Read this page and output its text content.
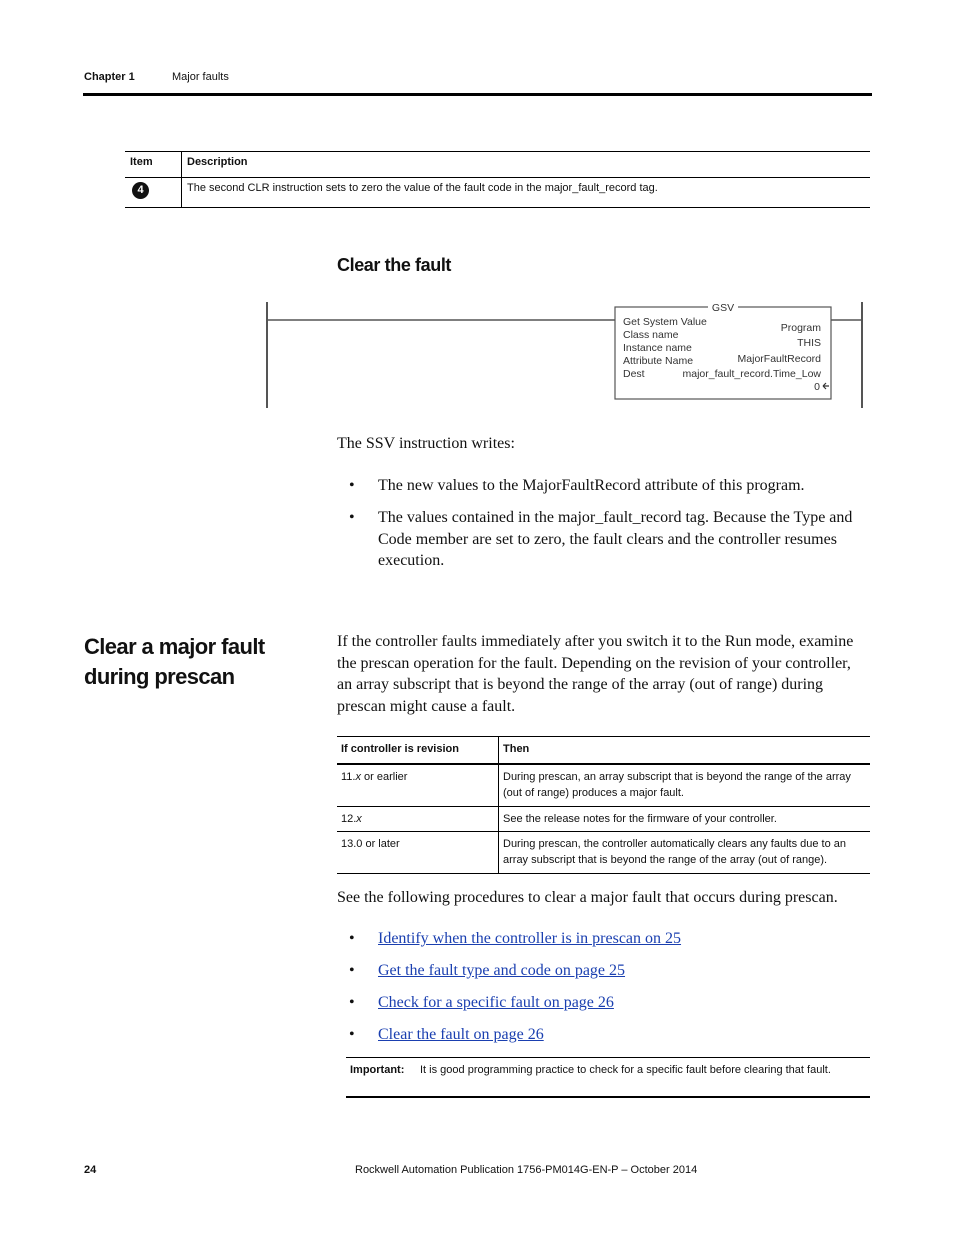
Chapter 1	Major faults
Item	Description
4	The second CLR instruction sets to zero the value of the fault code in the major_fault_record tag.
Clear the fault
GSV
Get System Value
Class name
Instance name
Attribute Name
Dest
Program
THIS
MajorFaultRecord
major_fault_record.Time_Low
0
The SSV instruction writes:
• The new values to the MajorFaultRecord attribute of this program.
• The values contained in the major_fault_record tag. Because the Type and Code member are set to zero, the fault clears and the controller resumes execution.
Clear a major fault during prescan
If the controller faults immediately after you switch it to the Run mode, examine the prescan operation for the fault. Depending on the revision of your controller, an array subscript that is beyond the range of the array (out of range) during prescan might cause a fault.
If controller is revision	Then
11.x or earlier	During prescan, an array subscript that is beyond the range of the array (out of range) produces a major fault.
12.x	See the release notes for the firmware of your controller.
13.0 or later	During prescan, the controller automatically clears any faults due to an array subscript that is beyond the range of the array (out of range).
See the following procedures to clear a major fault that occurs during prescan.
• Identify when the controller is in prescan on 25
• Get the fault type and code on page 25
• Check for a specific fault on page 26
• Clear the fault on page 26
Important: It is good programming practice to check for a specific fault before clearing that fault.
24	Rockwell Automation Publication 1756-PM014G-EN-P – October 2014
